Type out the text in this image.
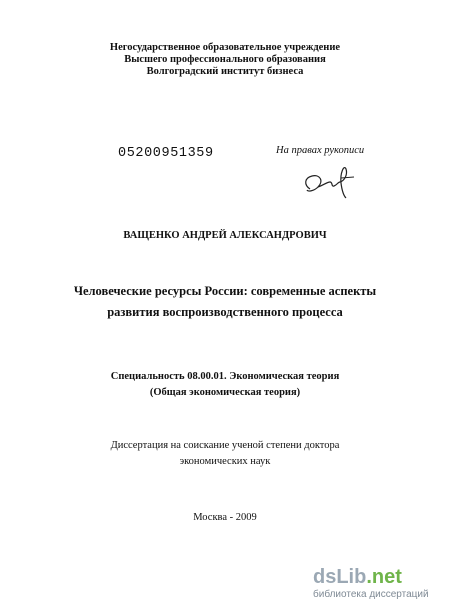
Негосударственное образовательное учреждение
Высшего профессионального образования
Волгоградский институт бизнеса
05200951359	На правах рукописи
ВАЩЕНКО АНДРЕЙ АЛЕКСАНДРОВИЧ
Человеческие ресурсы России: современные аспекты
развития воспроизводственного процесса
Специальность 08.00.01. Экономическая теория
(Общая экономическая теория)
Диссертация на соискание ученой степени доктора
экономических наук
Москва - 2009
dsLib.net
библиотека диссертаций
